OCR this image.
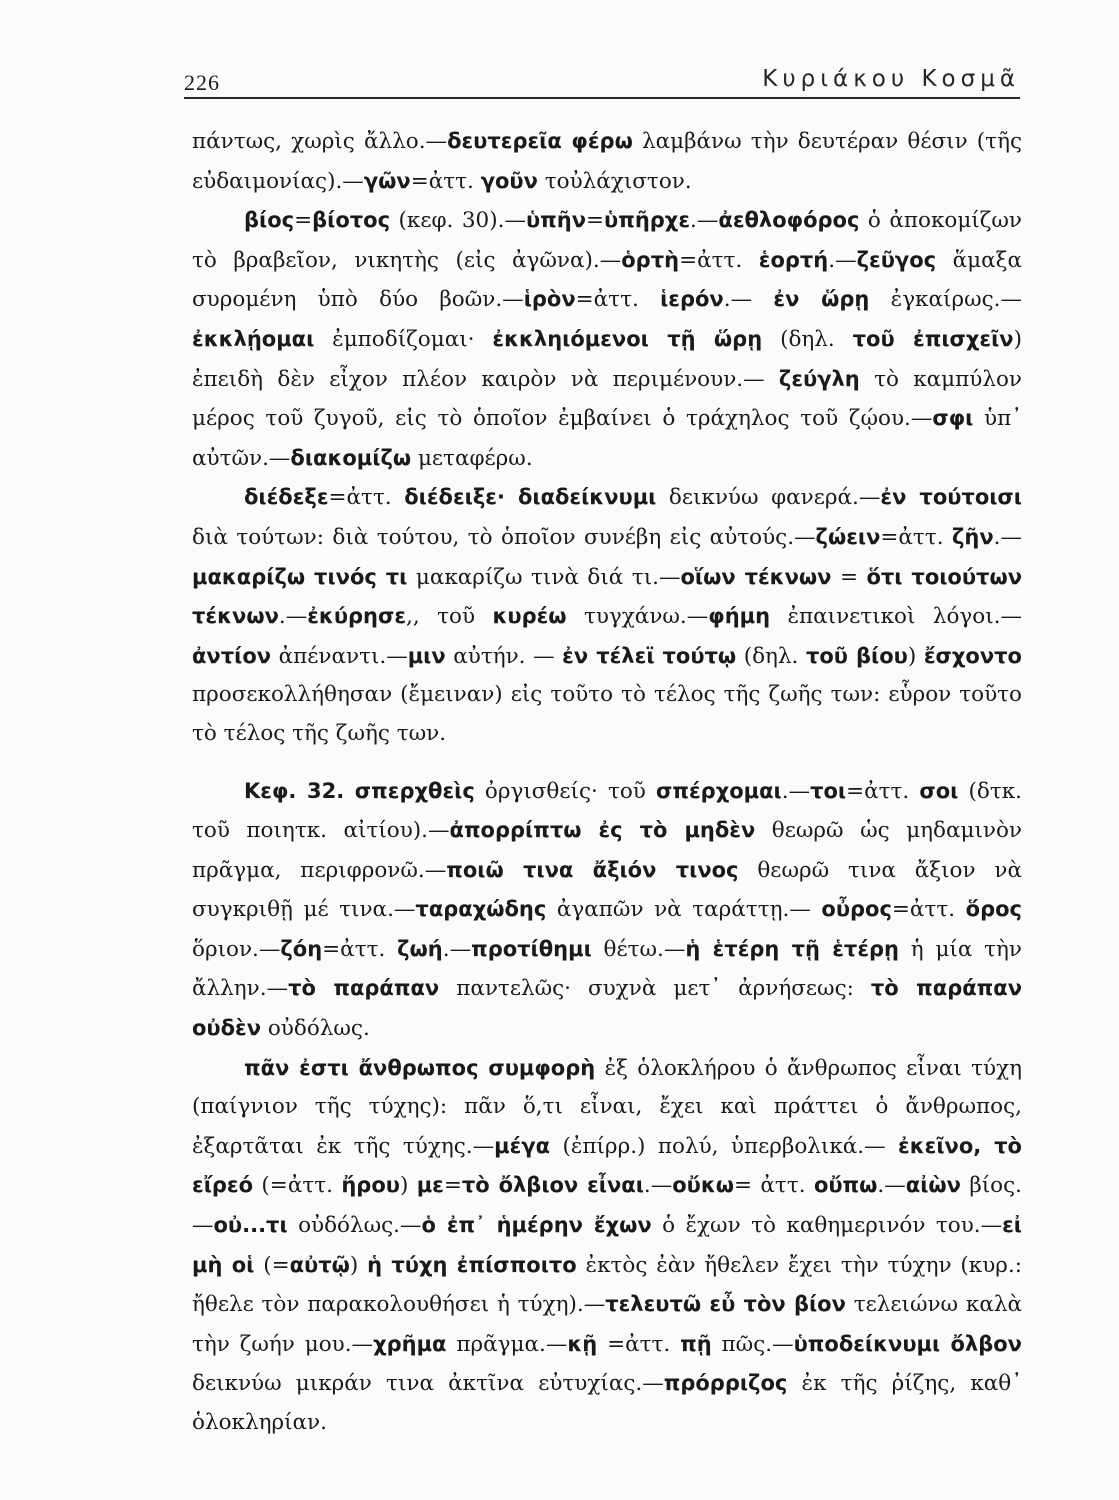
226	Κυριάκου Κοσμᾶ

πάντως, χωρὶς ἄλλο.—δευτερεῖα φέρω λαμβάνω τὴν δευτέραν θέσιν (τῆς εὐδαιμονίας).—γῶν=ἀττ. γοῦν τοὐλάχιστον.

βίος=βίοτος (κεφ. 30).—ὑπῆν=ὑπῆρχε.—ἀεθλοφόρος ὁ ἀποκομίζων τὸ βραβεῖον, νικητὴς (εἰς ἀγῶνα).—ὁρτὴ=ἀττ. ἑορτή.—ζεῦγος ἅμαξα συρομένη ὑπὸ δύο βοῶν.—ἱρὸν=ἀττ. ἱερόν.— ἐν ὥρῃ ἐγκαίρως.—ἐκκλῄομαι ἐμποδίζομαι· ἐκκληιόμενοι τῇ ὥρῃ (δηλ. τοῦ ἐπισχεῖν) ἐπειδὴ δὲν εἶχον πλέον καιρὸν νὰ περιμένουν.— ζεύγλη τὸ καμπύλον μέρος τοῦ ζυγοῦ, εἰς τὸ ὁποῖον ἐμβαίνει ὁ τράχηλος τοῦ ζῴου.—σφι ὑπ᾽ αὐτῶν.—διακομίζω μεταφέρω.

διέδεξε=ἀττ. διέδειξε· διαδείκνυμι δεικνύω φανερά.—ἐν τούτοισι διὰ τούτων: διὰ τούτου, τὸ ὁποῖον συνέβη εἰς αὐτούς.—ζώειν=ἀττ. ζῆν.—μακαρίζω τινός τι μακαρίζω τινὰ διά τι.—οἵων τέκνων = ὅτι τοιούτων τέκνων.—ἐκύρησε,, τοῦ κυρέω τυγχάνω.—φήμη ἐπαινετικοὶ λόγοι.—ἀντίον ἀπέναντι.—μιν αὐτήν. — ἐν τέλεϊ τούτῳ (δηλ. τοῦ βίου) ἔσχοντο προσεκολλήθησαν (ἔμειναν) εἰς τοῦτο τὸ τέλος τῆς ζωῆς των: εὗρον τοῦτο τὸ τέλος τῆς ζωῆς των.

Κεφ. 32. σπερχθεὶς ὀργισθείς· τοῦ σπέρχομαι.—τοι=ἀττ. σοι (δτκ. τοῦ ποιητκ. αἰτίου).—ἀπορρίπτω ἐς τὸ μηδὲν θεωρῶ ὡς μηδαμινὸν πρᾶγμα, περιφρονῶ.—ποιῶ τινα ἄξιόν τινος θεωρῶ τινα ἄξιον νὰ συγκριθῇ μέ τινα.—ταραχώδης ἀγαπῶν νὰ ταράττῃ.— οὖρος=ἀττ. ὅρος ὅριον.—ζόη=ἀττ. ζωή.—προτίθημι θέτω.—ἡ ἑτέρη τῇ ἑτέρῃ ἡ μία τὴν ἄλλην.—τὸ παράπαν παντελῶς· συχνὰ μετ᾽ ἀρνήσεως: τὸ παράπαν οὐδὲν οὐδόλως.

πᾶν ἐστι ἄνθρωπος συμφορὴ ἐξ ὁλοκλήρου ὁ ἄνθρωπος εἶναι τύχη (παίγνιον τῆς τύχης): πᾶν ὅ,τι εἶναι, ἔχει καὶ πράττει ὁ ἄνθρωπος, ἐξαρτᾶται ἐκ τῆς τύχης.—μέγα (ἐπίρρ.) πολύ, ὑπερβολικά.— ἐκεῖνο, τὸ εἴρεό (=ἀττ. ἤρου) με=τὸ ὄλβιον εἶναι.—οὔκω= ἀττ. οὔπω.—αἰὼν βίος.—οὐ...τι οὐδόλως.—ὁ ἐπ᾽ ἡμέρην ἔχων ὁ ἔχων τὸ καθημερινόν του.—εἰ μὴ οἱ (=αὐτῷ) ἡ τύχη ἐπίσποιτο ἐκτὸς ἐὰν ἤθελεν ἔχει τὴν τύχην (κυρ.: ἤθελε τὸν παρακολουθήσει ἡ τύχη).—τελευτῶ εὖ τὸν βίον τελειώνω καλὰ τὴν ζωήν μου.—χρῆμα πρᾶγμα.—κῇ =ἀττ. πῇ πῶς.—ὑποδείκνυμι ὄλβον δεικνύω μικράν τινα ἀκτῖνα εὐτυχίας.—πρόρριζος ἐκ τῆς ῥίζης, καθ᾽ ὁλοκληρίαν.
